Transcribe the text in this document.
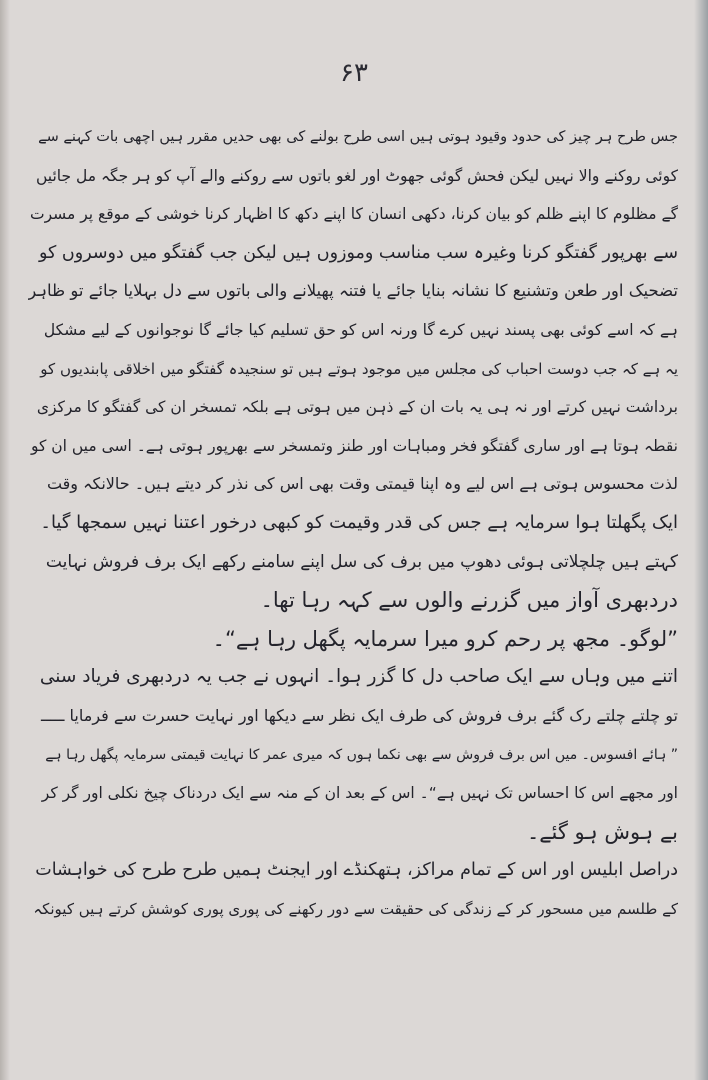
۶۳
جس طرح ہر چیز کی حدود وقیود ہوتی ہیں اسی طرح بولنے کی بھی حدیں مقرر ہیں اچھی بات کہنے سے
کوئی روکنے والا نہیں لیکن فحش گوئی جھوٹ اور لغو باتوں سے روکنے والے آپ کو ہر جگہ مل جائیں
گے مظلوم کا اپنے ظلم کو بیان کرنا، دکھی انسان کا اپنے دکھ کا اظہار کرنا خوشی کے موقع پر مسرت
سے بھرپور گفتگو کرنا وغیرہ سب مناسب وموزوں ہیں لیکن جب گفتگو میں دوسروں کو
تضحیک اور طعن وتشنیع کا نشانہ بنایا جائے یا فتنہ پھیلانے والی باتوں سے دل بہلایا جائے تو ظاہر
ہے کہ اسے کوئی بھی پسند نہیں کرے گا ورنہ اس کو حق تسلیم کیا جائے گا نوجوانوں کے لیے مشکل
یہ ہے کہ جب دوست احباب کی مجلس میں موجود ہوتے ہیں تو سنجیدہ گفتگو میں اخلاقی پابندیوں کو
برداشت نہیں کرتے اور نہ ہی یہ بات ان کے ذہن میں ہوتی ہے بلکہ تمسخر ان کی گفتگو کا مرکزی
نقطہ ہوتا ہے اور ساری گفتگو فخر ومباہات اور طنز وتمسخر سے بھرپور ہوتی ہے۔ اسی میں ان کو
لذت محسوس ہوتی ہے اس لیے وہ اپنا قیمتی وقت بھی اس کی نذر کر دیتے ہیں۔ حالانکہ وقت
ایک پگھلتا ہوا سرمایہ ہے جس کی قدر وقیمت کو کبھی درخور اعتنا نہیں سمجھا گیا۔
کہتے ہیں چلچلاتی ہوئی دھوپ میں برف کی سل اپنے سامنے رکھے ایک برف فروش نہایت
دردبھری آواز میں گزرنے والوں سے کہہ رہا تھا۔
”لوگو۔ مجھ پر رحم کرو میرا سرمایہ پگھل رہا ہے“۔
اتنے میں وہاں سے ایک صاحب دل کا گزر ہوا۔ انہوں نے جب یہ دردبھری فریاد سنی
تو چلتے چلتے رک گئے برف فروش کی طرف ایک نظر سے دیکھا اور نہایت حسرت سے فرمایا ـــــ
” ہائے افسوس۔ میں اس برف فروش سے بھی نکما ہوں کہ میری عمر کا نہایت قیمتی سرمایہ پگھل رہا ہے
اور مجھے اس کا احساس تک نہیں ہے“۔ اس کے بعد ان کے منہ سے ایک دردناک چیخ نکلی اور گر کر
بے ہوش ہو گئے۔
دراصل ابلیس اور اس کے تمام مراکز، ہتھکنڈے اور ایجنٹ ہمیں طرح طرح کی خواہشات
کے طلسم میں مسحور کر کے زندگی کی حقیقت سے دور رکھنے کی پوری پوری کوشش کرتے ہیں کیونکہ
